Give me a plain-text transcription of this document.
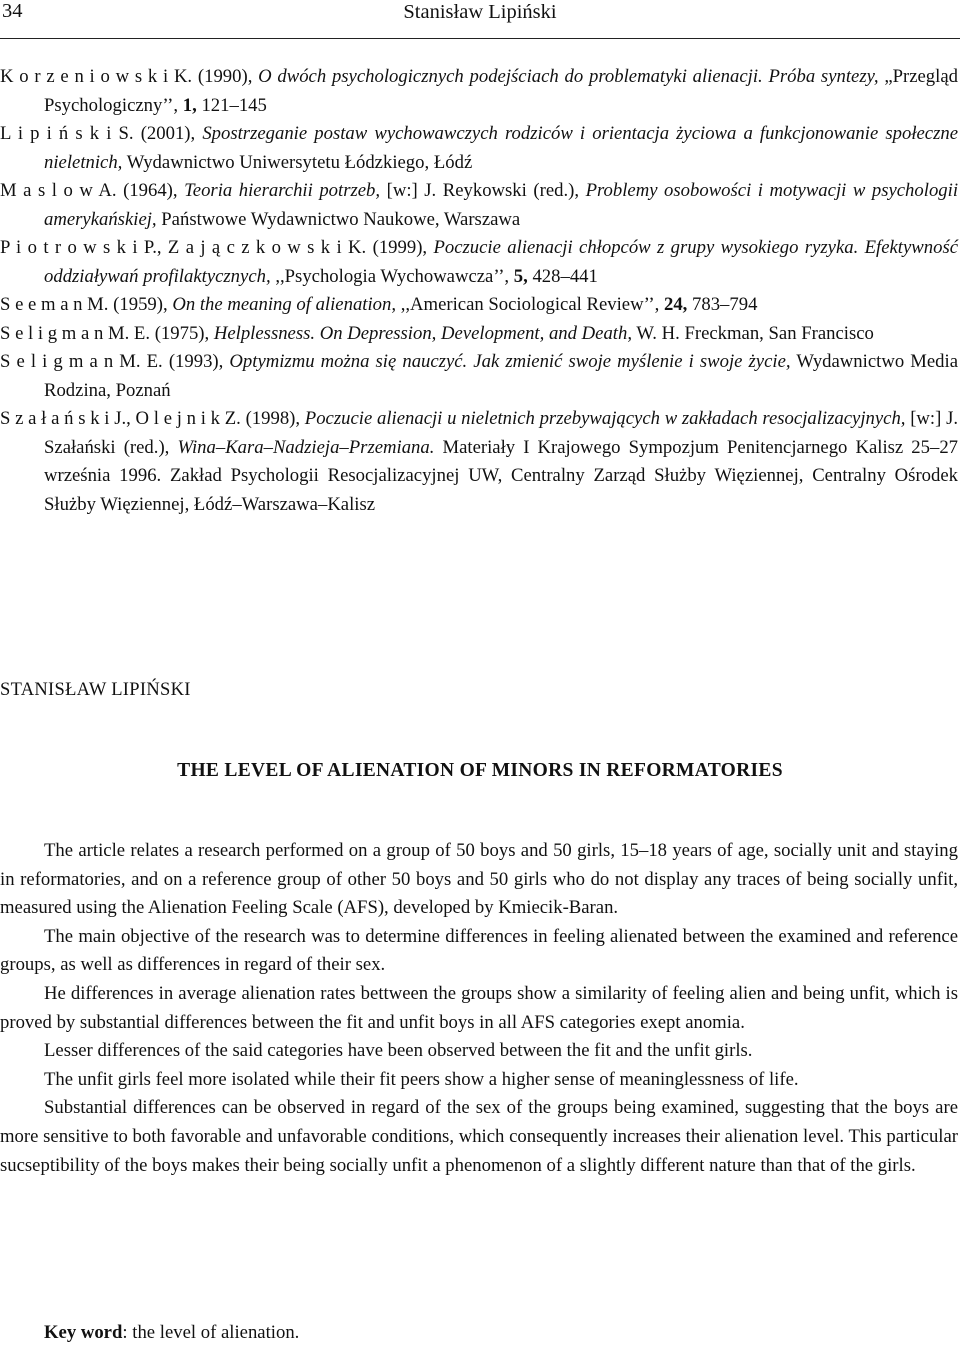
34	Stanisław Lipiński
K o r z e n i o w s k i K. (1990), O dwóch psychologicznych podejściach do problematyki alienacji. Próba syntezy, „Przegląd Psychologiczny’’, 1, 121–145
L i p i ń s k i S. (2001), Spostrzeganie postaw wychowawczych rodziców i orientacja życiowa a funkcjonowanie społeczne nieletnich, Wydawnictwo Uniwersytetu Łódzkiego, Łódź
M a s l o w A. (1964), Teoria hierarchii potrzeb, [w:] J. Reykowski (red.), Problemy osobowości i motywacji w psychologii amerykańskiej, Państwowe Wydawnictwo Naukowe, Warszawa
P i o t r o w s k i P., Z a j ą c z k o w s k i K. (1999), Poczucie alienacji chłopców z grupy wysokiego ryzyka. Efektywność oddziaływań profilaktycznych, ,,Psychologia Wychowawcza’’, 5, 428–441
S e e m a n M. (1959), On the meaning of alienation, ,,American Sociological Review’’, 24, 783–794
S e l i g m a n M. E. (1975), Helplessness. On Depression, Development, and Death, W. H. Freckman, San Francisco
S e l i g m a n M. E. (1993), Optymizmu można się nauczyć. Jak zmienić swoje myślenie i swoje życie, Wydawnictwo Media Rodzina, Poznań
S z a ł a ń s k i J., O l e j n i k Z. (1998), Poczucie alienacji u nieletnich przebywających w zakładach resocjalizacyjnych, [w:] J. Szałański (red.), Wina–Kara–Nadzieja–Przemiana. Materiały I Krajowego Sympozjum Penitencjarnego Kalisz 25–27 września 1996. Zakład Psychologii Resocjalizacyjnej UW, Centralny Zarząd Służby Więziennej, Centralny Ośrodek Służby Więziennej, Łódź–Warszawa–Kalisz
STANISŁAW LIPIŃSKI
THE LEVEL OF ALIENATION OF MINORS IN REFORMATORIES

The article relates a research performed on a group of 50 boys and 50 girls, 15–18 years of age, socially unit and staying in reformatories, and on a reference group of other 50 boys and 50 girls who do not display any traces of being socially unfit, measured using the Alienation Feeling Scale (AFS), developed by Kmiecik-Baran.

The main objective of the research was to determine differences in feeling alienated between the examined and reference groups, as well as differences in regard of their sex.

He differences in average alienation rates bettween the groups show a similarity of feeling alien and being unfit, which is proved by substantial differences between the fit and unfit boys in all AFS categories exept anomia.

Lesser differences of the said categories have been observed between the fit and the unfit girls.

The unfit girls feel more isolated while their fit peers show a higher sense of meaninglessness of life.

Substantial differences can be observed in regard of the sex of the groups being examined, suggesting that the boys are more sensitive to both favorable and unfavorable conditions, which consequently increases their alienation level. This particular sucseptibility of the boys makes their being socially unfit a phenomenon of a slightly different nature than that of the girls.

Key word: the level of alienation.
